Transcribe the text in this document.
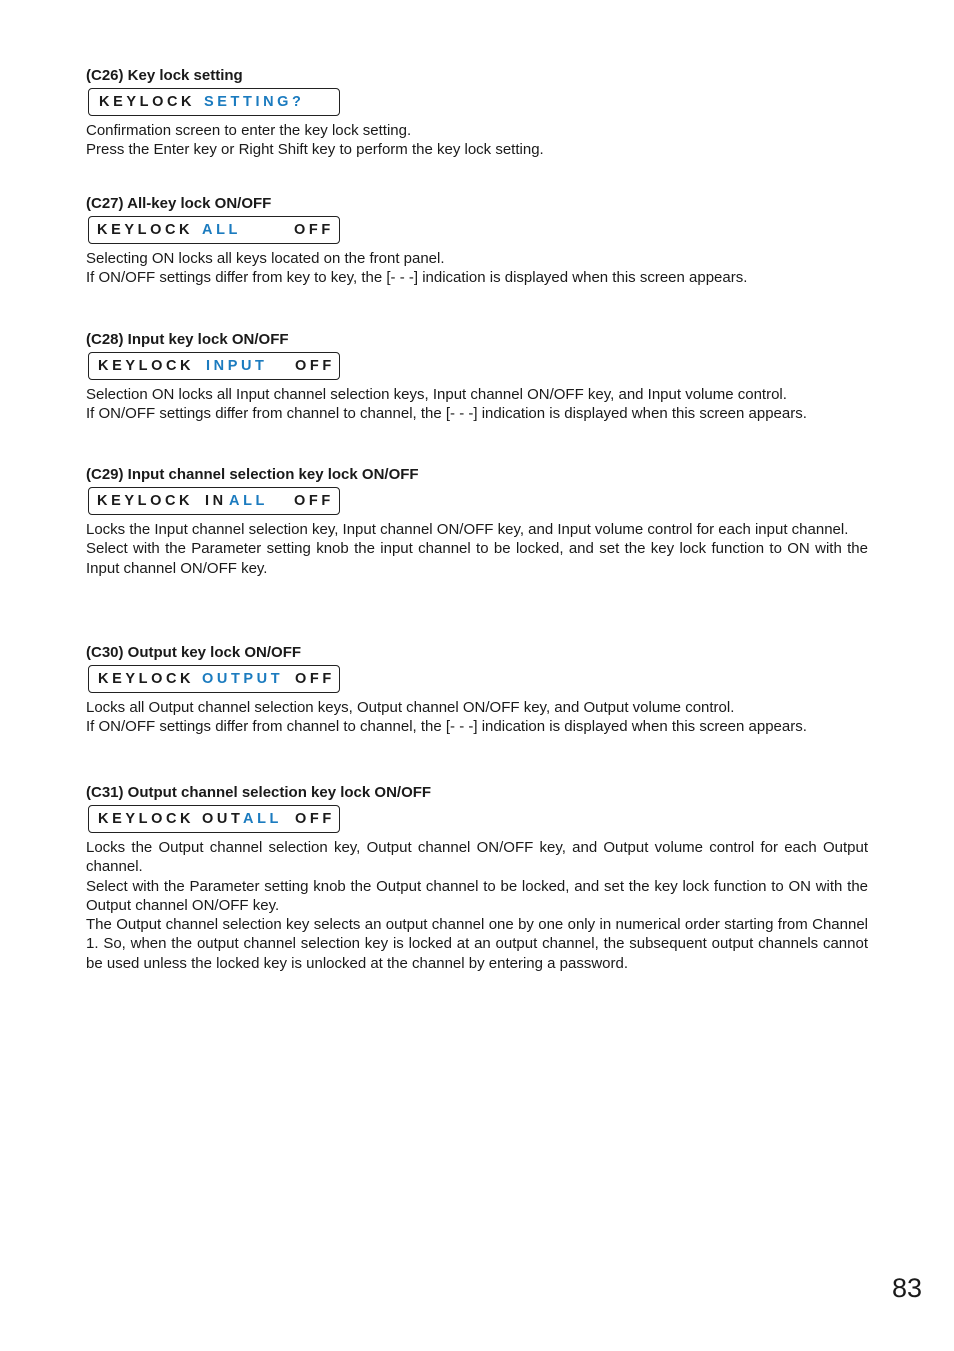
(C26) Key lock setting
KEYLOCK SETTING?

Confirmation screen to enter the key lock setting.

Press the Enter key or Right Shift key to perform the key lock setting.

(C27) All-key lock ON/OFF
KEYLOCK ALL	OFF

Selecting ON locks all keys located on the front panel.

If ON/OFF settings differ from key to key, the [- - -] indication is displayed when this screen appears.

(C28) Input key lock ON/OFF
KEYLOCK INPUT OFF

Selection ON locks all Input channel selection keys, Input channel ON/OFF key, and Input volume control.

If ON/OFF settings differ from channel to channel, the [- - -] indication is displayed when this screen appears.

(C29) Input channel selection key lock ON/OFF
KEYLOCK IN ALL OFF

Locks the Input channel selection key, Input channel ON/OFF key, and Input volume control for each input channel.

Select with the Parameter setting knob the input channel to be locked, and set the key lock function to ON with the Input channel ON/OFF key.

(C30) Output key lock ON/OFF
KEYLOCK OUTPUT OFF

Locks all Output channel selection keys, Output channel ON/OFF key, and Output volume control.

If ON/OFF settings differ from channel to channel, the [- - -] indication is displayed when this screen appears.

(C31) Output channel selection key lock ON/OFF
KEYLOCK OUT ALL OFF

Locks the Output channel selection key, Output channel ON/OFF key, and Output volume control for each Output channel.

Select with the Parameter setting knob the Output channel to be locked, and set the key lock function to ON with the Output channel ON/OFF key.

The Output channel selection key selects an output channel one by one only in numerical order starting from Channel 1. So, when the output channel selection key is locked at an output channel, the subsequent output channels cannot be used unless the locked key is unlocked at the channel by entering a password.

83
